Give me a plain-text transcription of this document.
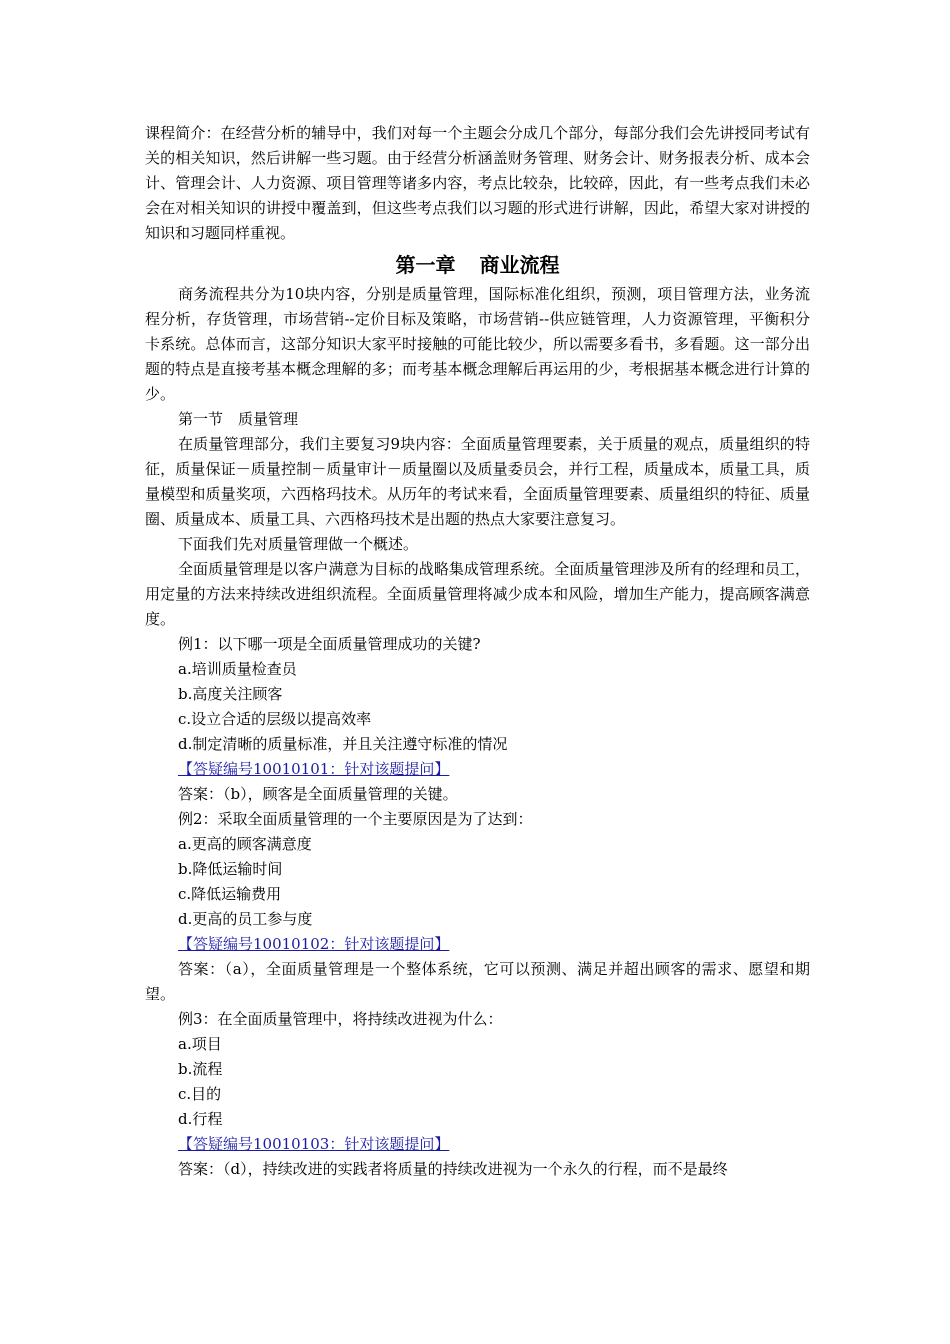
课程简介：在经营分析的辅导中，我们对每一个主题会分成几个部分，每部分我们会先讲授同考试有关的相关知识，然后讲解一些习题。由于经营分析涵盖财务管理、财务会计、财务报表分析、成本会计、管理会计、人力资源、项目管理等诸多内容，考点比较杂，比较碎，因此，有一些考点我们未必会在对相关知识的讲授中覆盖到，但这些考点我们以习题的形式进行讲解，因此，希望大家对讲授的知识和习题同样重视。

第一章 商业流程

商务流程共分为10块内容，分别是质量管理，国际标准化组织，预测，项目管理方法，业务流程分析，存货管理，市场营销--定价目标及策略，市场营销--供应链管理，人力资源管理，平衡积分卡系统。总体而言，这部分知识大家平时接触的可能比较少，所以需要多看书，多看题。这一部分出题的特点是直接考基本概念理解的多；而考基本概念理解后再运用的少，考根据基本概念进行计算的少。

第一节　质量管理

在质量管理部分，我们主要复习9块内容：全面质量管理要素，关于质量的观点，质量组织的特征，质量保证－质量控制－质量审计－质量圈以及质量委员会，并行工程，质量成本，质量工具，质量模型和质量奖项，六西格玛技术。从历年的考试来看，全面质量管理要素、质量组织的特征、质量圈、质量成本、质量工具、六西格玛技术是出题的热点大家要注意复习。

下面我们先对质量管理做一个概述。

全面质量管理是以客户满意为目标的战略集成管理系统。全面质量管理涉及所有的经理和员工，用定量的方法来持续改进组织流程。全面质量管理将减少成本和风险，增加生产能力，提高顾客满意度。

例1：以下哪一项是全面质量管理成功的关键?

a.培训质量检查员

b.高度关注顾客

c.设立合适的层级以提高效率

d.制定清晰的质量标准，并且关注遵守标准的情况

【答疑编号10010101：针对该题提问】

答案：（b），顾客是全面质量管理的关键。

例2：采取全面质量管理的一个主要原因是为了达到：

a.更高的顾客满意度

b.降低运输时间

c.降低运输费用

d.更高的员工参与度

【答疑编号10010102：针对该题提问】

答案：（a），全面质量管理是一个整体系统，它可以预测、满足并超出顾客的需求、愿望和期望。

例3：在全面质量管理中，将持续改进视为什么：

a.项目

b.流程

c.目的

d.行程

【答疑编号10010103：针对该题提问】

答案：（d），持续改进的实践者将质量的持续改进视为一个永久的行程，而不是最终
